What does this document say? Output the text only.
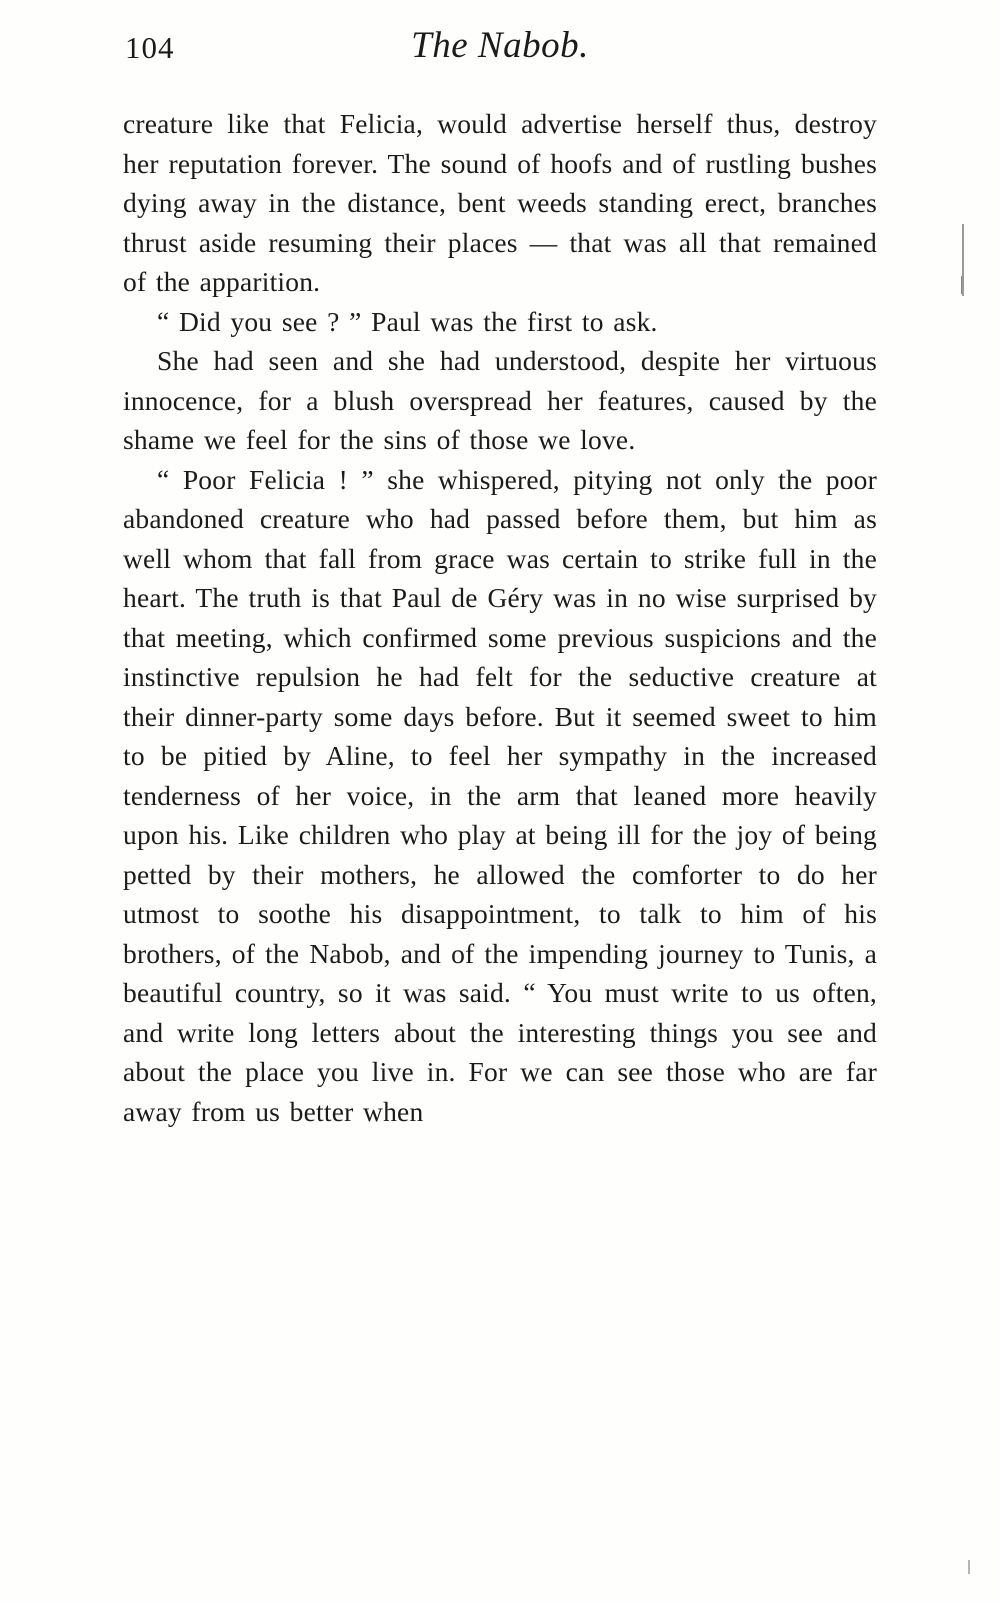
104	The Nabob.

creature like that Felicia, would advertise herself thus, destroy her reputation forever. The sound of hoofs and of rustling bushes dying away in the distance, bent weeds standing erect, branches thrust aside resuming their places — that was all that remained of the apparition.

“ Did you see ? ” Paul was the first to ask.

She had seen and she had understood, despite her virtuous innocence, for a blush overspread her features, caused by the shame we feel for the sins of those we love.

“ Poor Felicia ! ” she whispered, pitying not only the poor abandoned creature who had passed before them, but him as well whom that fall from grace was certain to strike full in the heart. The truth is that Paul de Géry was in no wise surprised by that meeting, which confirmed some previous suspicions and the instinctive repulsion he had felt for the seductive creature at their dinner-party some days before. But it seemed sweet to him to be pitied by Aline, to feel her sympathy in the increased tenderness of her voice, in the arm that leaned more heavily upon his. Like children who play at being ill for the joy of being petted by their mothers, he allowed the comforter to do her utmost to soothe his disappointment, to talk to him of his brothers, of the Nabob, and of the impending journey to Tunis, a beautiful country, so it was said. “ You must write to us often, and write long letters about the interesting things you see and about the place you live in. For we can see those who are far away from us better when
